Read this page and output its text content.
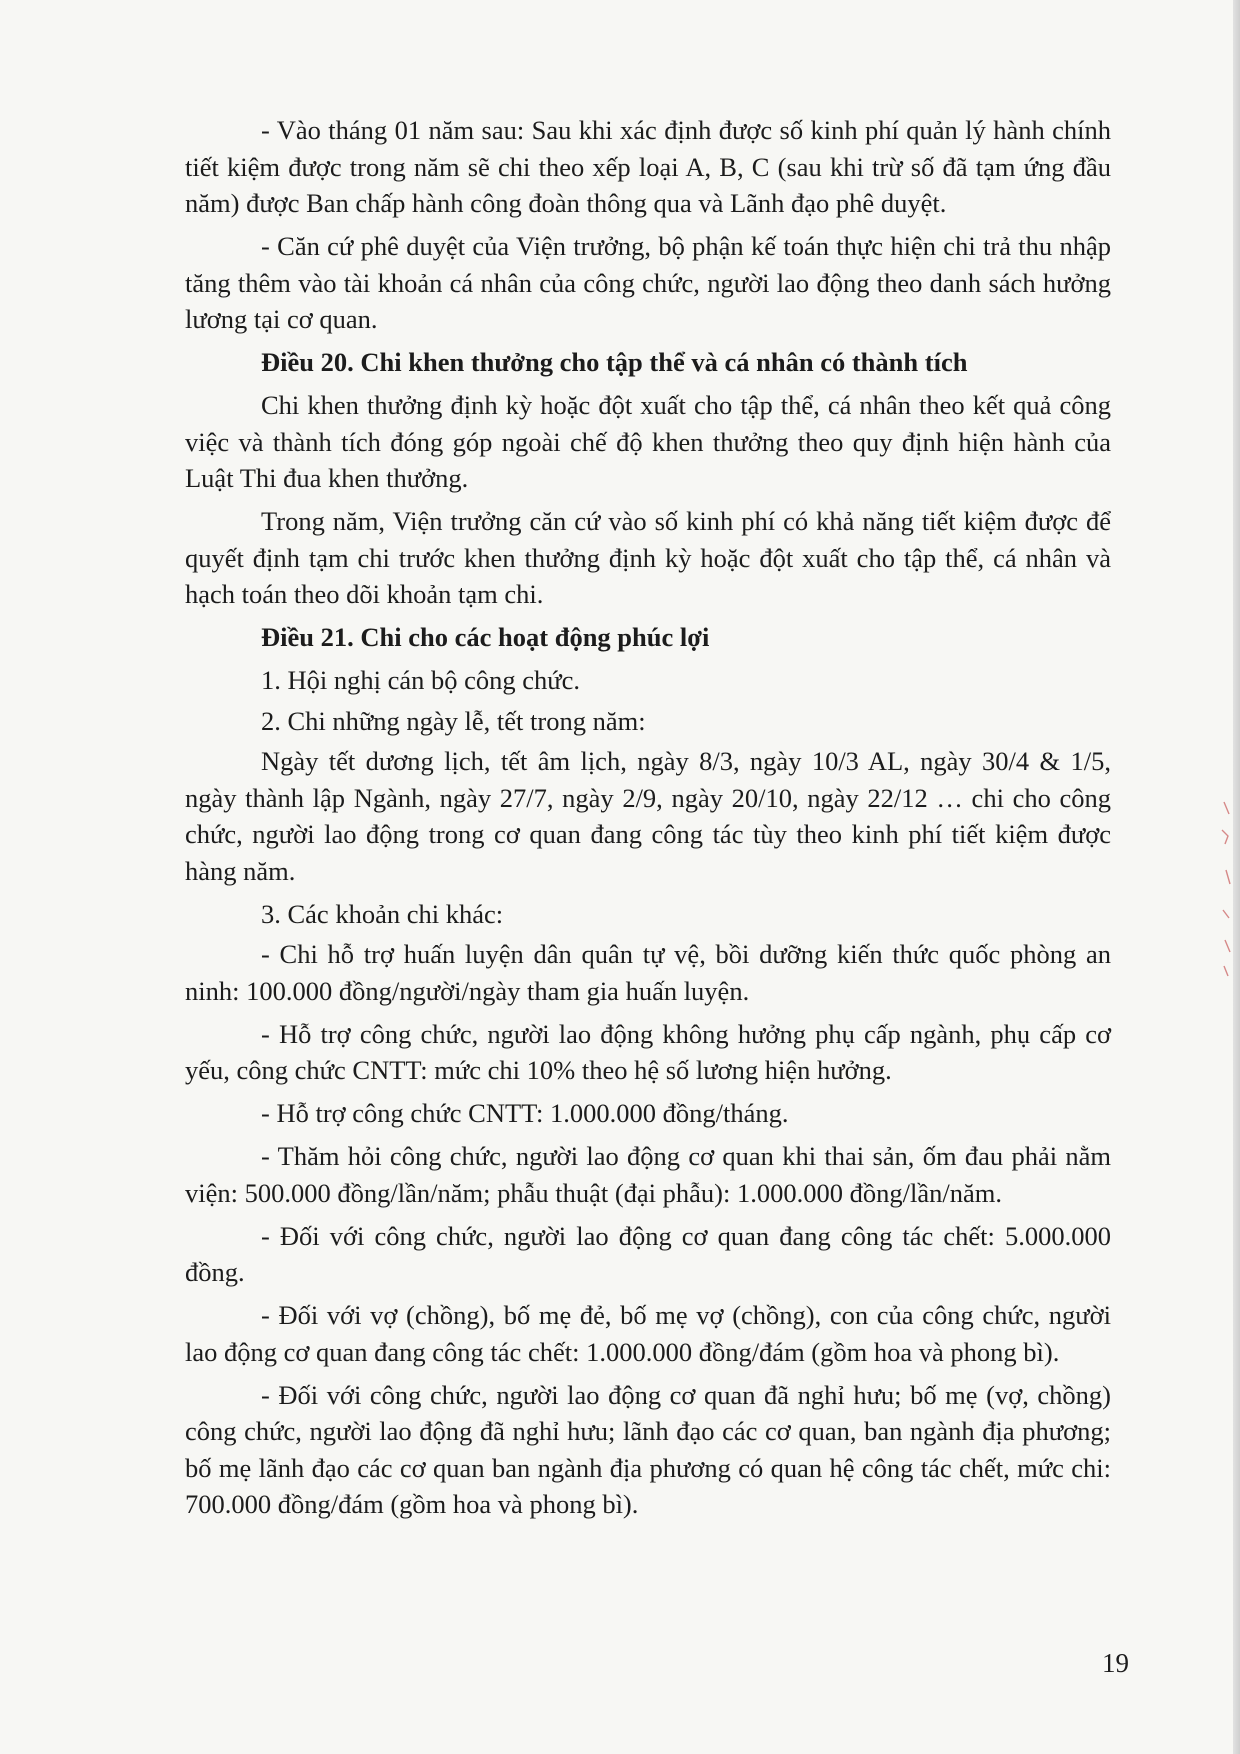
- Vào tháng 01 năm sau: Sau khi xác định được số kinh phí quản lý hành chính tiết kiệm được trong năm sẽ chi theo xếp loại A, B, C (sau khi trừ số đã tạm ứng đầu năm) được Ban chấp hành công đoàn thông qua và Lãnh đạo phê duyệt.

- Căn cứ phê duyệt của Viện trưởng, bộ phận kế toán thực hiện chi trả thu nhập tăng thêm vào tài khoản cá nhân của công chức, người lao động theo danh sách hưởng lương tại cơ quan.

Điều 20. Chi khen thưởng cho tập thể và cá nhân có thành tích

Chi khen thưởng định kỳ hoặc đột xuất cho tập thể, cá nhân theo kết quả công việc và thành tích đóng góp ngoài chế độ khen thưởng theo quy định hiện hành của Luật Thi đua khen thưởng.

Trong năm, Viện trưởng căn cứ vào số kinh phí có khả năng tiết kiệm được để quyết định tạm chi trước khen thưởng định kỳ hoặc đột xuất cho tập thể, cá nhân và hạch toán theo dõi khoản tạm chi.

Điều 21. Chi cho các hoạt động phúc lợi

1. Hội nghị cán bộ công chức.

2. Chi những ngày lễ, tết trong năm:

Ngày tết dương lịch, tết âm lịch, ngày 8/3, ngày 10/3 AL, ngày 30/4 & 1/5, ngày thành lập Ngành, ngày 27/7, ngày 2/9, ngày 20/10, ngày 22/12 … chi cho công chức, người lao động trong cơ quan đang công tác tùy theo kinh phí tiết kiệm được hàng năm.

3. Các khoản chi khác:

- Chi hỗ trợ huấn luyện dân quân tự vệ, bồi dưỡng kiến thức quốc phòng an ninh: 100.000 đồng/người/ngày tham gia huấn luyện.

- Hỗ trợ công chức, người lao động không hưởng phụ cấp ngành, phụ cấp cơ yếu, công chức CNTT: mức chi 10% theo hệ số lương hiện hưởng.

- Hỗ trợ công chức CNTT: 1.000.000 đồng/tháng.

- Thăm hỏi công chức, người lao động cơ quan khi thai sản, ốm đau phải nằm viện: 500.000 đồng/lần/năm; phẫu thuật (đại phẫu): 1.000.000 đồng/lần/năm.

- Đối với công chức, người lao động cơ quan đang công tác chết: 5.000.000 đồng.

- Đối với vợ (chồng), bố mẹ đẻ, bố mẹ vợ (chồng), con của công chức, người lao động cơ quan đang công tác chết: 1.000.000 đồng/đám (gồm hoa và phong bì).

- Đối với công chức, người lao động cơ quan đã nghỉ hưu; bố mẹ (vợ, chồng) công chức, người lao động đã nghỉ hưu; lãnh đạo các cơ quan, ban ngành địa phương; bố mẹ lãnh đạo các cơ quan ban ngành địa phương có quan hệ công tác chết, mức chi: 700.000 đồng/đám (gồm hoa và phong bì).

19
